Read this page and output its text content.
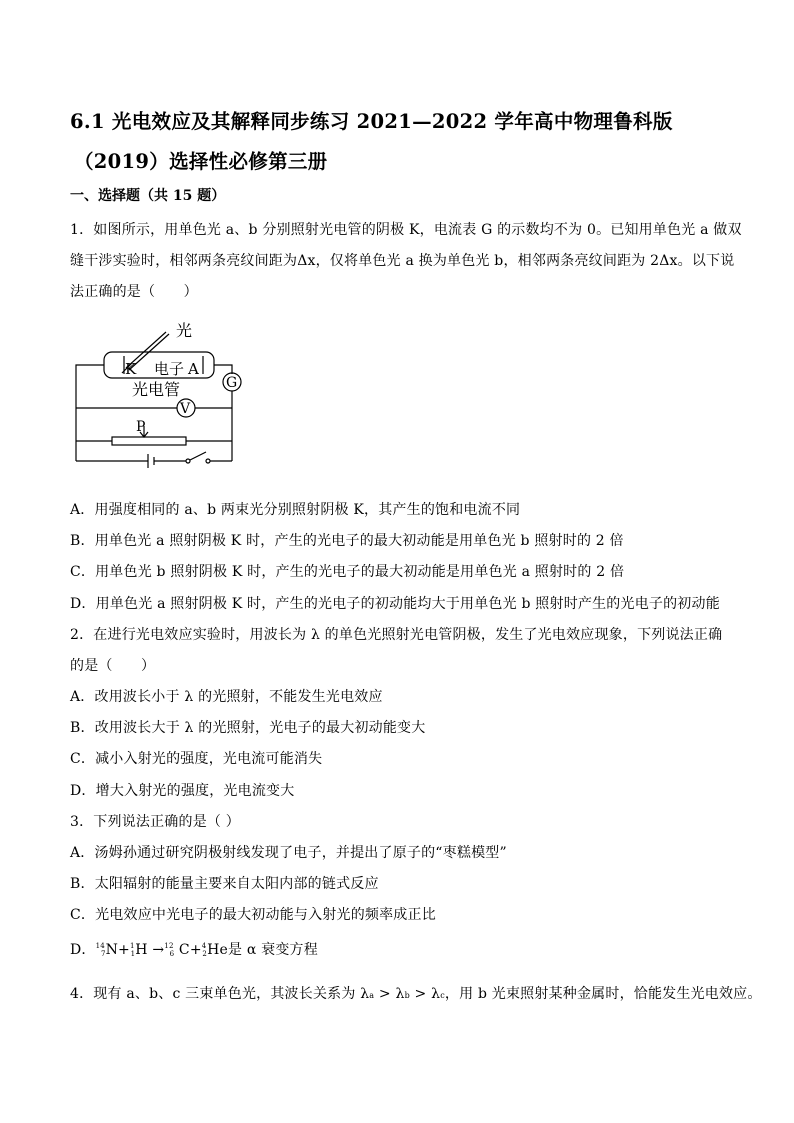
6.1 光电效应及其解释同步练习 2021—2022 学年高中物理鲁科版
（2019）选择性必修第三册
一、选择题（共 15 题）
1．如图所示，用单色光 a、b 分别照射光电管的阴极 K，电流表 G 的示数均不为 0。已知用单色光 a 做双
缝干涉实验时，相邻两条亮纹间距为Δx，仅将单色光 a 换为单色光 b，相邻两条亮纹间距为 2Δx。以下说
法正确的是（　　）
光
K 电子 A
光电管	G
V
P
A．用强度相同的 a、b 两束光分别照射阴极 K，其产生的饱和电流不同
B．用单色光 a 照射阴极 K 时，产生的光电子的最大初动能是用单色光 b 照射时的 2 倍
C．用单色光 b 照射阴极 K 时，产生的光电子的最大初动能是用单色光 a 照射时的 2 倍
D．用单色光 a 照射阴极 K 时，产生的光电子的初动能均大于用单色光 b 照射时产生的光电子的初动能
2．在进行光电效应实验时，用波长为 λ 的单色光照射光电管阴极，发生了光电效应现象，下列说法正确
的是（　　）
A．改用波长小于 λ 的光照射，不能发生光电效应
B．改用波长大于 λ 的光照射，光电子的最大初动能变大
C．减小入射光的强度，光电流可能消失
D．增大入射光的强度，光电流变大
3．下列说法正确的是（ ）
A．汤姆孙通过研究阴极射线发现了电子，并提出了原子的“枣糕模型”
B．太阳辐射的能量主要来自太阳内部的链式反应
C．光电效应中光电子的最大初动能与入射光的频率成正比
D．$^{14}_7$N+$^1_1$H →$^{12}_6$ C+$^4_2$He是 α 衰变方程
4．现有 a、b、c 三束单色光，其波长关系为 λa > λb > λc，用 b 光束照射某种金属时，恰能发生光电效应。
